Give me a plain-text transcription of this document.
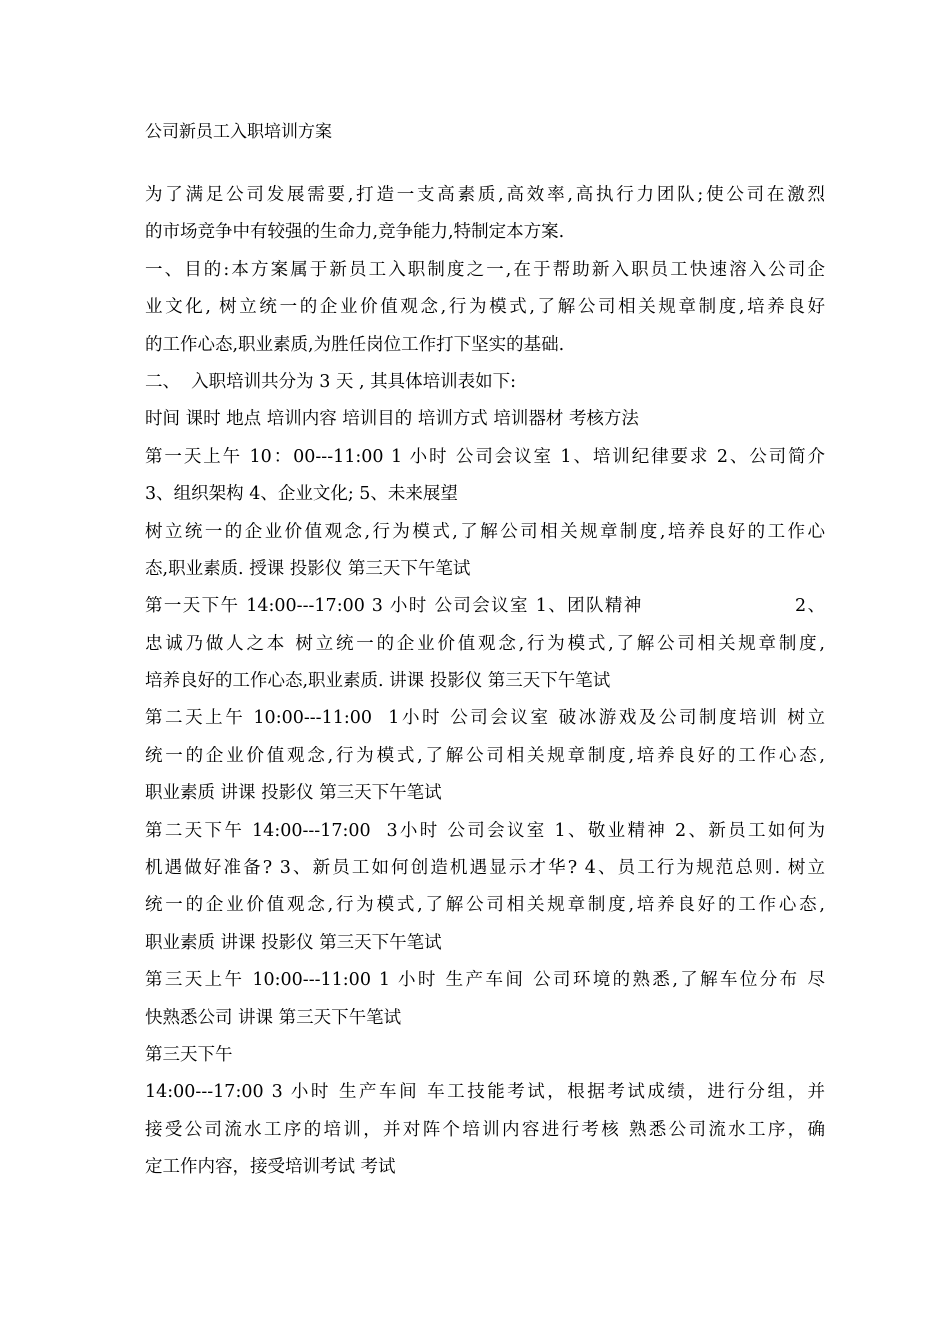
公司新员工入职培训方案
为了满足公司发展需要,打造一支高素质,高效率,高执行力团队;使公司在激烈
的市场竞争中有较强的生命力,竞争能力,特制定本方案.
一、目的:本方案属于新员工入职制度之一,在于帮助新入职员工快速溶入公司企
业文化, 树立统一的企业价值观念,行为模式,了解公司相关规章制度,培养良好
的工作心态,职业素质,为胜任岗位工作打下坚实的基础.
二、  入职培训共分为 3 天 , 其具体培训表如下:
时间 课时 地点 培训内容 培训目的 培训方式 培训器材 考核方法
第一天上午 10：00---11:00 1 小时 公司会议室 1、培训纪律要求 2、公司简介
3、组织架构 4、企业文化; 5、未来展望
树立统一的企业价值观念,行为模式,了解公司相关规章制度,培养良好的工作心
态,职业素质. 授课 投影仪 第三天下午笔试
第一天下午 14:00---17:00 3 小时 公司会议室 1、团队精神                      2、
忠诚乃做人之本 树立统一的企业价值观念,行为模式,了解公司相关规章制度,
培养良好的工作心态,职业素质. 讲课 投影仪 第三天下午笔试
第二天上午 10:00---11:00  1小时 公司会议室 破冰游戏及公司制度培训 树立
统一的企业价值观念,行为模式,了解公司相关规章制度,培养良好的工作心态,
职业素质 讲课 投影仪 第三天下午笔试
第二天下午 14:00---17:00  3小时 公司会议室 1、敬业精神 2、新员工如何为
机遇做好准备? 3、新员工如何创造机遇显示才华? 4、员工行为规范总则. 树立
统一的企业价值观念,行为模式,了解公司相关规章制度,培养良好的工作心态,
职业素质 讲课 投影仪 第三天下午笔试
第三天上午 10:00---11:00 1 小时 生产车间 公司环境的熟悉,了解车位分布 尽
快熟悉公司 讲课 第三天下午笔试
第三天下午
14:00---17:00 3 小时 生产车间 车工技能考试，根据考试成绩，进行分组，并
接受公司流水工序的培训，并对阵个培训内容进行考核 熟悉公司流水工序，确
定工作内容，接受培训考试 考试
